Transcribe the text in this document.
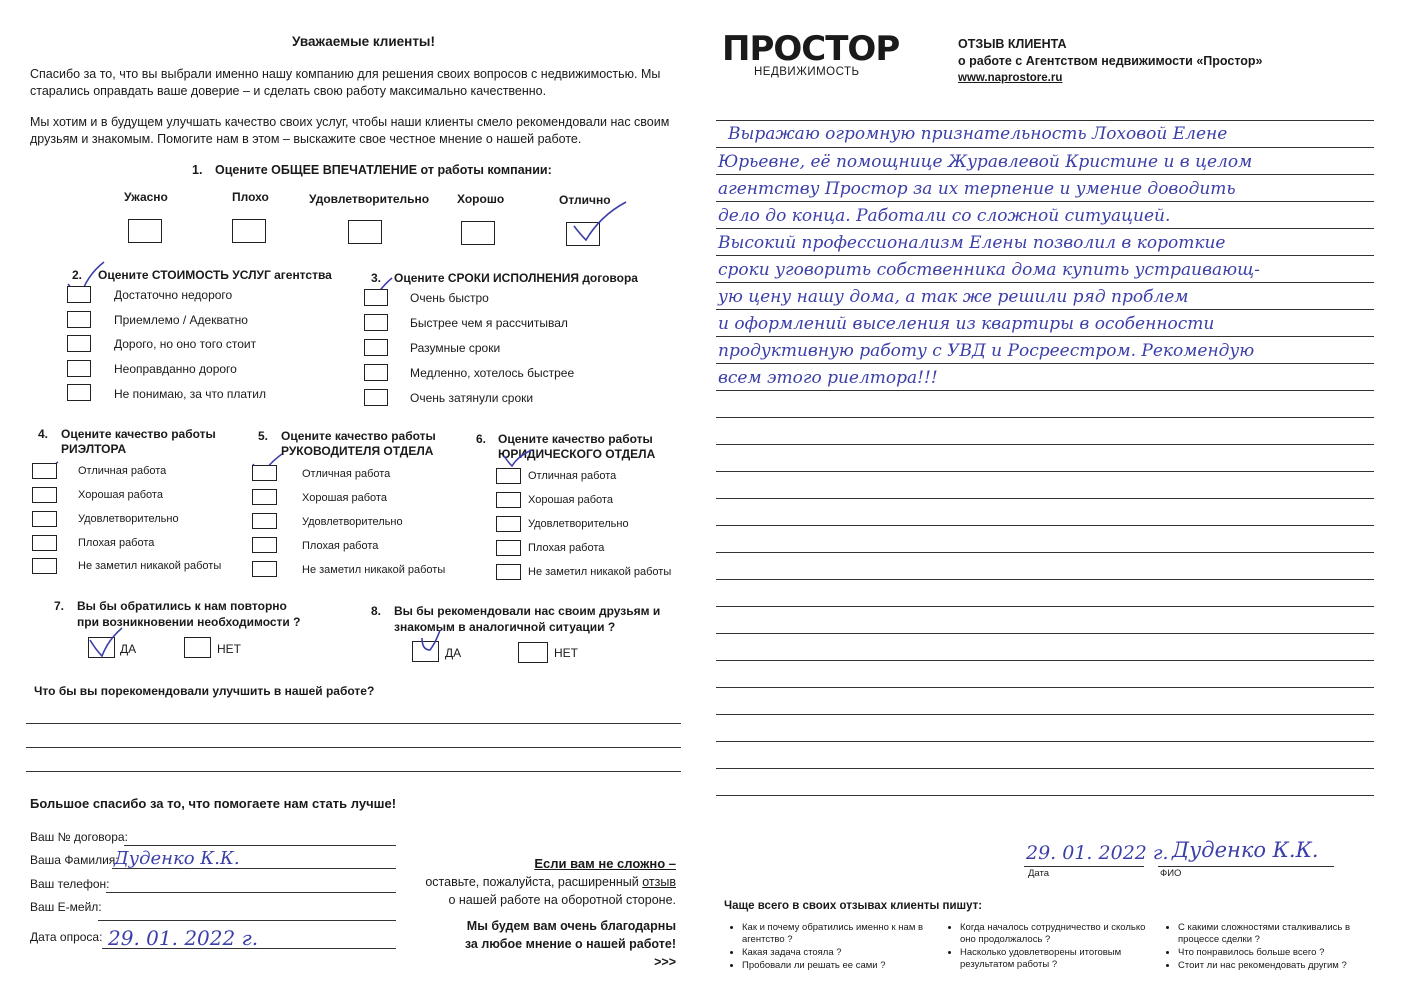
Уважаемые клиенты!
Спасибо за то, что вы выбрали именно нашу компанию для решения своих вопросов с недвижимостью. Мы старались оправдать ваше доверие – и сделать свою работу максимально качественно.
Мы хотим и в будущем улучшать качество своих услуг, чтобы наши клиенты смело рекомендовали нас своим друзьям и знакомым. Помогите нам в этом – выскажите свое честное мнение о нашей работе.
1. Оцените ОБЩЕЕ ВПЕЧАТЛЕНИЕ от работы компании:
Ужасно	Плохо	Удовлетворительно Хорошо	Отлично
2. Оцените СТОИМОСТЬ УСЛУГ агентства
Достаточно недорого
Приемлемо / Адекватно
Дорого, но оно того стоит
Неоправданно дорого
Не понимаю, за что платил
3. Оцените СРОКИ ИСПОЛНЕНИЯ договора
Очень быстро
Быстрее чем я рассчитывал
Разумные сроки
Медленно, хотелось быстрее
Очень затянули сроки
4. Оцените качество работы
РИЭЛТОРА
Отличная работа
Хорошая работа
Удовлетворительно
Плохая работа
Не заметил никакой работы
5. Оцените качество работы
РУКОВОДИТЕЛЯ ОТДЕЛА
Отличная работа
Хорошая работа
Удовлетворительно
Плохая работа
Не заметил никакой работы
6. Оцените качество работы
ЮРИДИЧЕСКОГО ОТДЕЛА
Отличная работа
Хорошая работа
Удовлетворительно
Плохая работа
Не заметил никакой работы
7. Вы бы обратились к нам повторно
при возникновении необходимости ?
ДА	НЕТ
8. Вы бы рекомендовали нас своим друзьям и
знакомым в аналогичной ситуации ?
ДА	НЕТ
Что бы вы порекомендовали улучшить в нашей работе?
Большое спасибо за то, что помогаете нам стать лучше!
Ваш № договора:
Ваша Фамилия:
Дуденко К.К.
Ваш телефон:
Ваш Е-мейл:
Дата опроса: 29. 01. 2022 г.
Если вам не сложно –
оставьте, пожалуйста, расширенный отзыв
о нашей работе на оборотной стороне.
Мы будем вам очень благодарны
за любое мнение о нашей работе!
>>>
ПРОСТОР
НЕДВИЖИМОСТЬ
ОТЗЫВ КЛИЕНТА
о работе с Агентством недвижимости «Простор»
www.naprostore.ru
Выражаю огромную признательность Лоховой Елене
Юрьевне, её помощнице Журавлевой Кристине и в целом
агентству Простор за их терпение и умение доводить
дело до конца. Работали со сложной ситуацией.
Высокий профессионализм Елены позволил в короткие
сроки уговорить собственника дома купить устраивающ-
ую цену нашу дома, а так же решили ряд проблем
и оформлений выселения из квартиры в особенности
продуктивную работу с УВД и Росреестром. Рекомендую
всем этого риелтора!!!
29. 01. 2022 г.
Дата
Дуденко К.К.
ФИО
Чаще всего в своих отзывах клиенты пишут:
• Как и почему обратились именно к нам в агентство ?
• Какая задача стояла ?
• Пробовали ли решать ее сами ?
• Когда началось сотрудничество и сколько оно продолжалось ?
• Насколько удовлетворены итоговым результатом работы ?
• С какими сложностями сталкивались в процессе сделки ?
• Что понравилось больше всего ?
• Стоит ли нас рекомендовать другим ?
